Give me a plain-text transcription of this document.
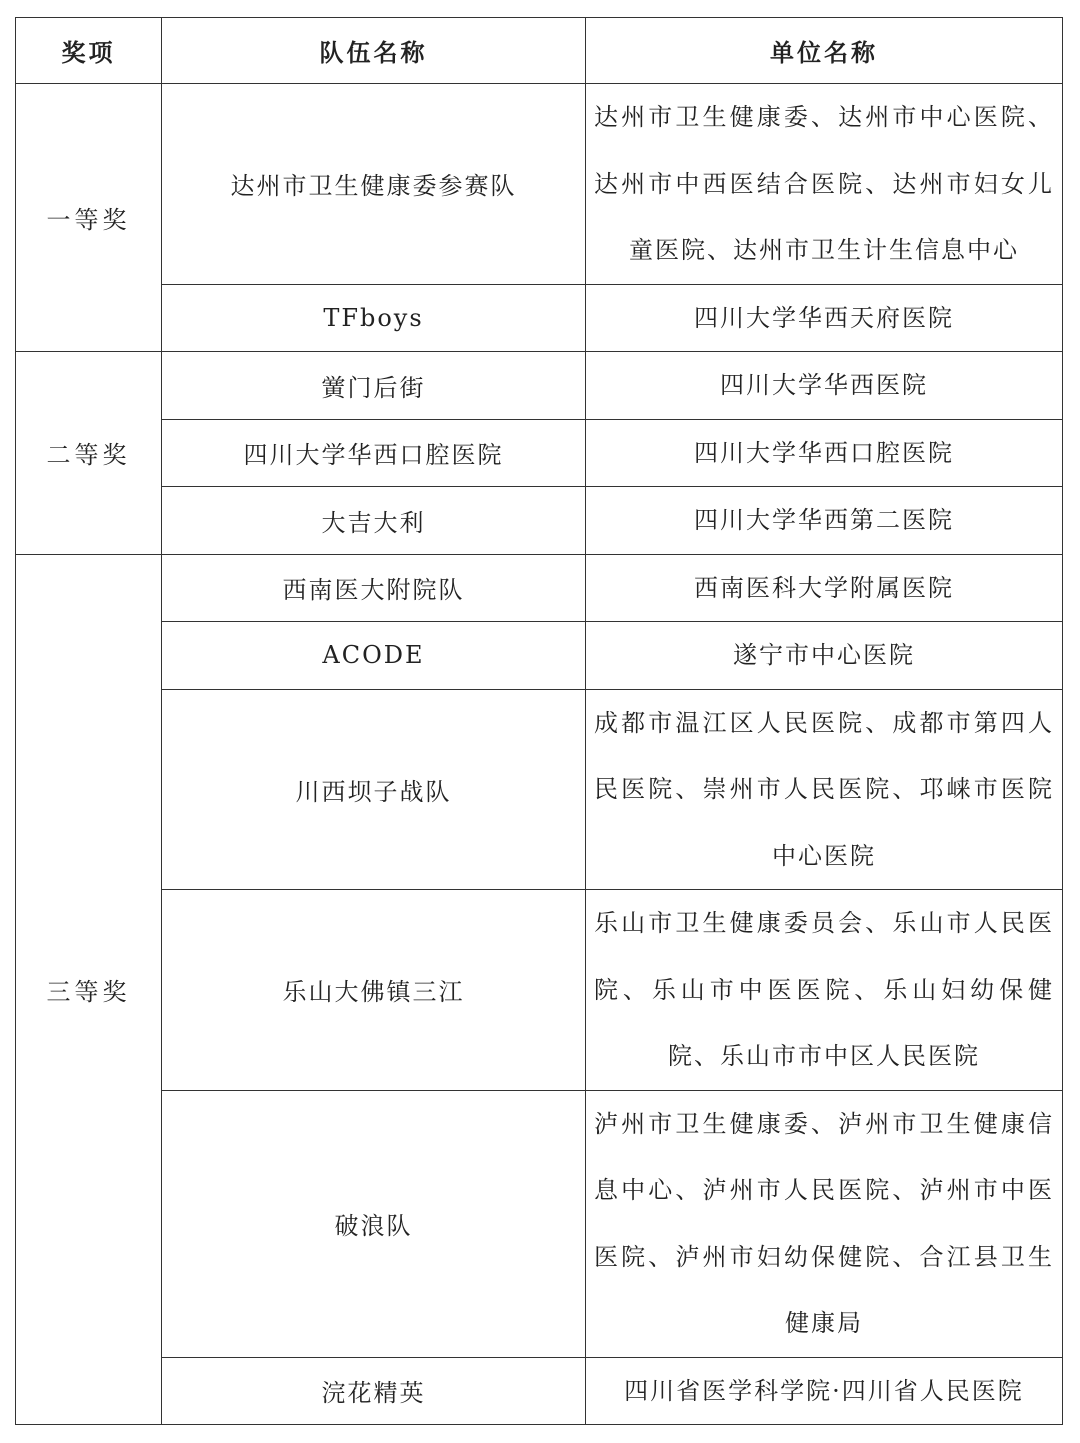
奖项	队伍名称	单位名称
一等奖	达州市卫生健康委参赛队	达州市卫生健康委、达州市中心医院、达州市中西医结合医院、达州市妇女儿童医院、达州市卫生计生信息中心
	TFboys	四川大学华西天府医院
二等奖	黉门后街	四川大学华西医院
	四川大学华西口腔医院	四川大学华西口腔医院
	大吉大利	四川大学华西第二医院
三等奖	西南医大附院队	西南医科大学附属医院
	ACODE	遂宁市中心医院
	川西坝子战队	成都市温江区人民医院、成都市第四人民医院、崇州市人民医院、邛崃市医院中心医院
	乐山大佛镇三江	乐山市卫生健康委员会、乐山市人民医院、乐山市中医医院、乐山妇幼保健院、乐山市市中区人民医院
	破浪队	泸州市卫生健康委、泸州市卫生健康信息中心、泸州市人民医院、泸州市中医医院、泸州市妇幼保健院、合江县卫生健康局
	浣花精英	四川省医学科学院·四川省人民医院
